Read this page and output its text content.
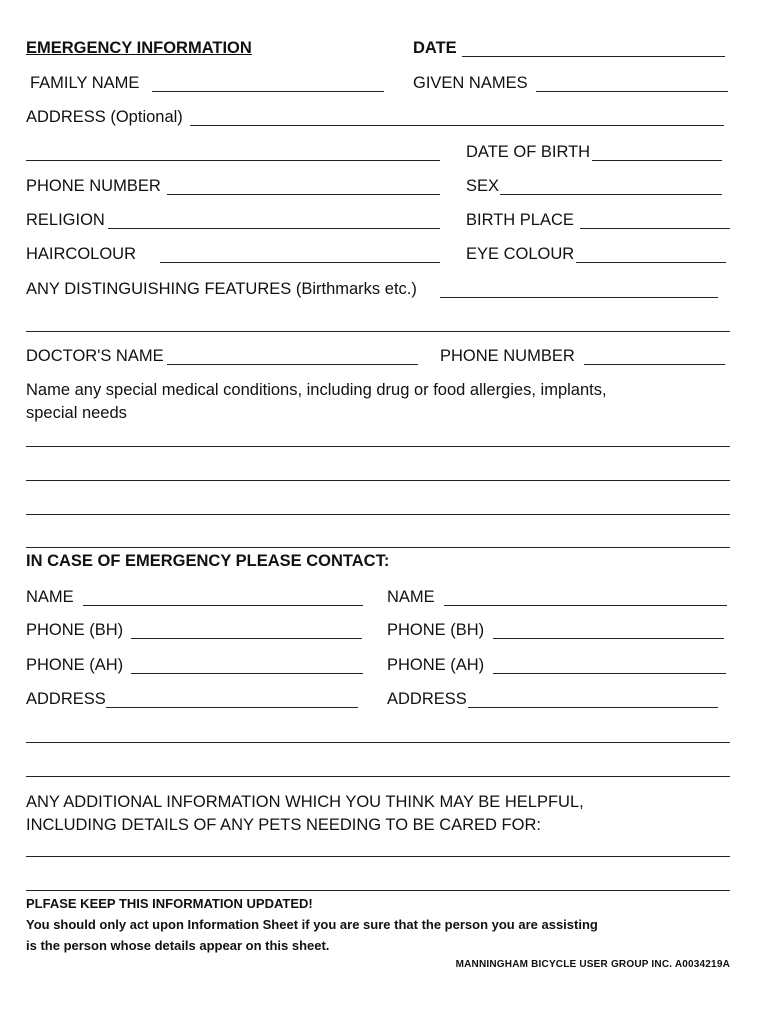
EMERGENCY INFORMATION	DATE
FAMILY NAME	GIVEN NAMES
ADDRESS (Optional)
DATE OF BIRTH
PHONE NUMBER	SEX
RELIGION	BIRTH PLACE
HAIRCOLOUR	EYE COLOUR
ANY DISTINGUISHING FEATURES (Birthmarks etc.)
DOCTOR'S NAME	PHONE NUMBER
Name any special medical conditions, including drug or food allergies, implants,
special needs
IN CASE OF EMERGENCY PLEASE CONTACT:
NAME	NAME
PHONE (BH)	PHONE (BH)
PHONE (AH)	PHONE (AH)
ADDRESS	ADDRESS
ANY ADDITIONAL INFORMATION WHICH YOU THINK MAY BE HELPFUL,
INCLUDING DETAILS OF ANY PETS NEEDING TO BE CARED FOR:
PLFASE KEEP THIS INFORMATION UPDATED!
You should only act upon Information Sheet if you are sure that the person you are assisting
is the person whose details appear on this sheet.
MANNINGHAM BICYCLE USER GROUP INC. A0034219A
